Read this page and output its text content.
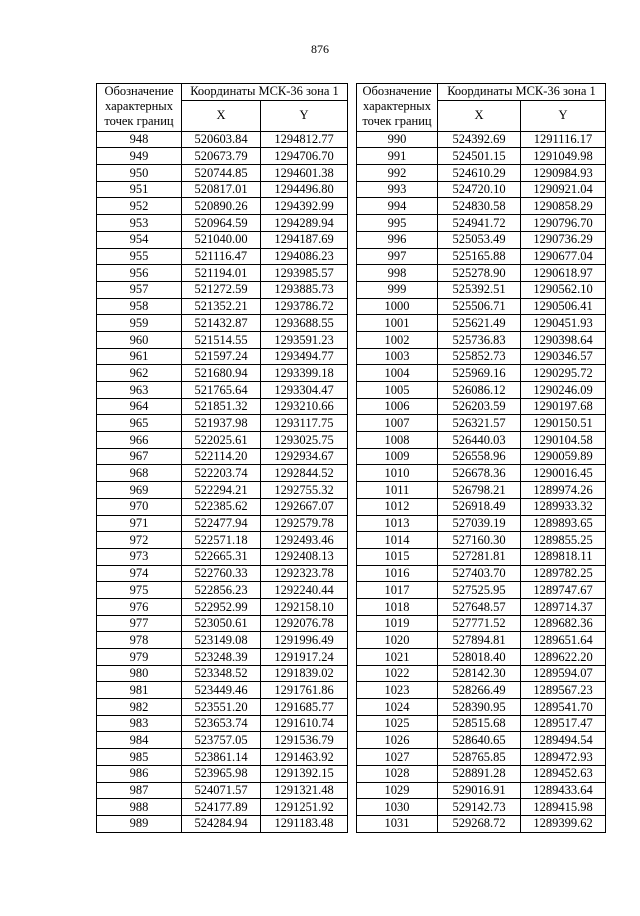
876
Обозначение характерных точек границ	Координаты МСК-36 зона 1	
	X	Y
948	520603.84	1294812.77
949	520673.79	1294706.70
950	520744.85	1294601.38
951	520817.01	1294496.80
952	520890.26	1294392.99
953	520964.59	1294289.94
954	521040.00	1294187.69
955	521116.47	1294086.23
956	521194.01	1293985.57
957	521272.59	1293885.73
958	521352.21	1293786.72
959	521432.87	1293688.55
960	521514.55	1293591.23
961	521597.24	1293494.77
962	521680.94	1293399.18
963	521765.64	1293304.47
964	521851.32	1293210.66
965	521937.98	1293117.75
966	522025.61	1293025.75
967	522114.20	1292934.67
968	522203.74	1292844.52
969	522294.21	1292755.32
970	522385.62	1292667.07
971	522477.94	1292579.78
972	522571.18	1292493.46
973	522665.31	1292408.13
974	522760.33	1292323.78
975	522856.23	1292240.44
976	522952.99	1292158.10
977	523050.61	1292076.78
978	523149.08	1291996.49
979	523248.39	1291917.24
980	523348.52	1291839.02
981	523449.46	1291761.86
982	523551.20	1291685.77
983	523653.74	1291610.74
984	523757.05	1291536.79
985	523861.14	1291463.92
986	523965.98	1291392.15
987	524071.57	1291321.48
988	524177.89	1291251.92
989	524284.94	1291183.48
Обозначение характерных точек границ	Координаты МСК-36 зона 1	
	X	Y
990	524392.69	1291116.17
991	524501.15	1291049.98
992	524610.29	1290984.93
993	524720.10	1290921.04
994	524830.58	1290858.29
995	524941.72	1290796.70
996	525053.49	1290736.29
997	525165.88	1290677.04
998	525278.90	1290618.97
999	525392.51	1290562.10
1000	525506.71	1290506.41
1001	525621.49	1290451.93
1002	525736.83	1290398.64
1003	525852.73	1290346.57
1004	525969.16	1290295.72
1005	526086.12	1290246.09
1006	526203.59	1290197.68
1007	526321.57	1290150.51
1008	526440.03	1290104.58
1009	526558.96	1290059.89
1010	526678.36	1290016.45
1011	526798.21	1289974.26
1012	526918.49	1289933.32
1013	527039.19	1289893.65
1014	527160.30	1289855.25
1015	527281.81	1289818.11
1016	527403.70	1289782.25
1017	527525.95	1289747.67
1018	527648.57	1289714.37
1019	527771.52	1289682.36
1020	527894.81	1289651.64
1021	528018.40	1289622.20
1022	528142.30	1289594.07
1023	528266.49	1289567.23
1024	528390.95	1289541.70
1025	528515.68	1289517.47
1026	528640.65	1289494.54
1027	528765.85	1289472.93
1028	528891.28	1289452.63
1029	529016.91	1289433.64
1030	529142.73	1289415.98
1031	529268.72	1289399.62
